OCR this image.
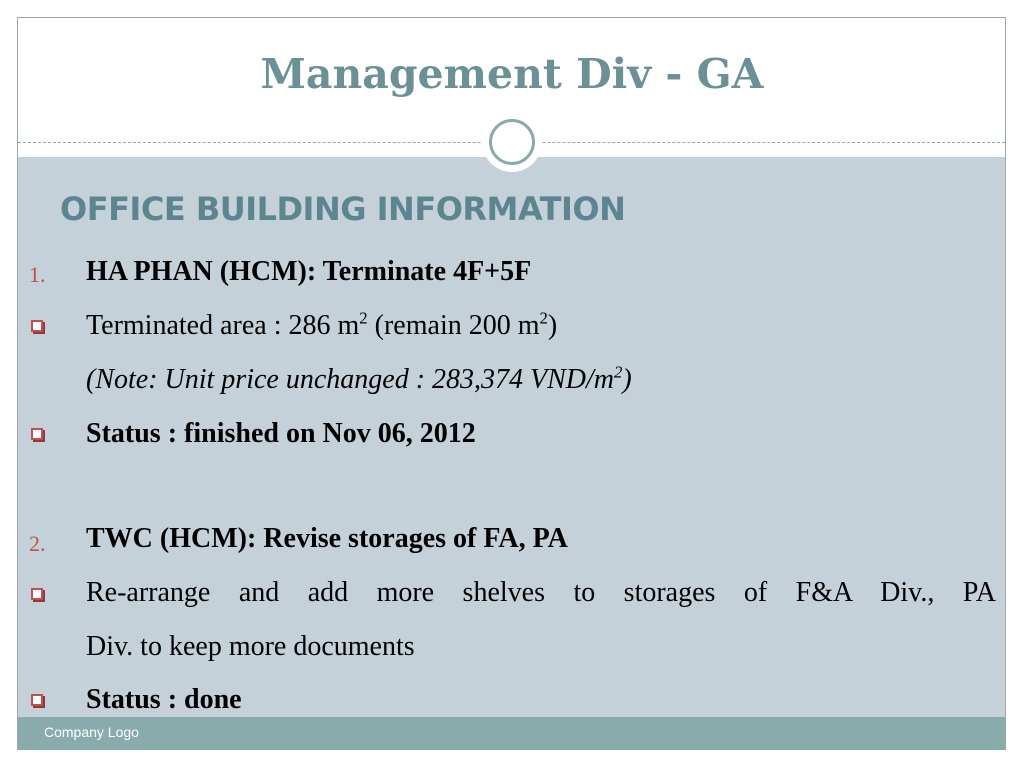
Management Div - GA
OFFICE BUILDING INFORMATION
1. HA PHAN (HCM): Terminate 4F+5F
Terminated area : 286 $m^2$ (remain 200 $m^2$)
(Note: Unit price unchanged : 283,374 VND/$m^2$)
Status : finished on Nov 06, 2012
2. TWC (HCM): Revise storages of FA, PA
Re-arrange and add more shelves to storages of F&A Div., PA
Div. to keep more documents
Status : done
Company Logo
